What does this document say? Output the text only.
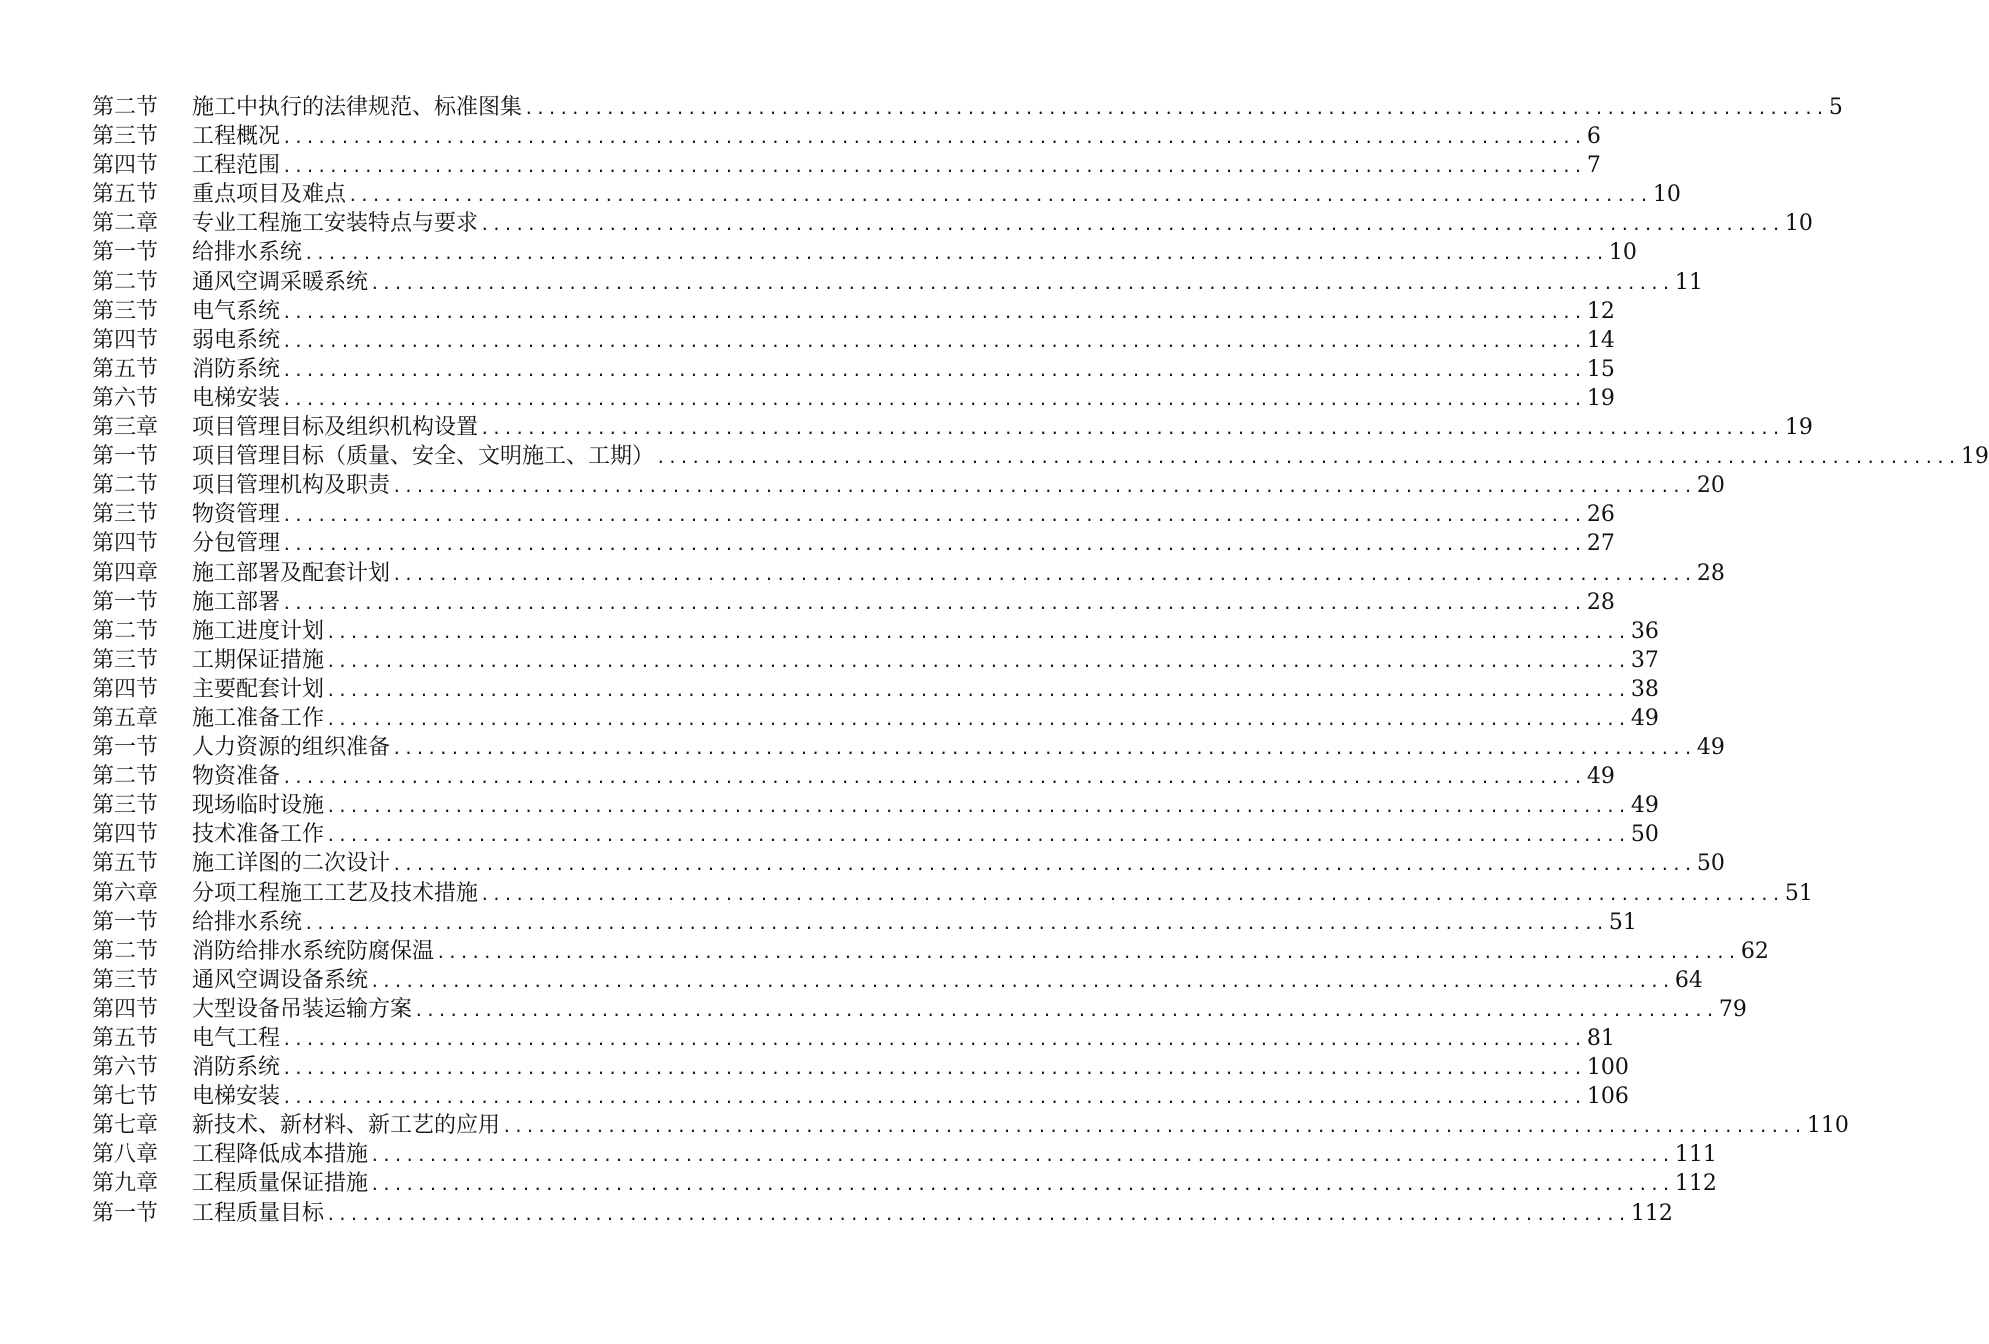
第二节	施工中执行的法律规范、标准图集 ................................................................................................................ 5
第三节	工程概况 ................................................................................................................ 6
第四节	工程范围 ................................................................................................................ 7
第五节	重点项目及难点 ................................................................................................................ 10
第二章	专业工程施工安装特点与要求 ................................................................................................................ 10
第一节	给排水系统 ................................................................................................................ 10
第二节	通风空调采暖系统 ................................................................................................................ 11
第三节	电气系统 ................................................................................................................ 12
第四节	弱电系统 ................................................................................................................ 14
第五节	消防系统 ................................................................................................................ 15
第六节	电梯安装 ................................................................................................................ 19
第三章	项目管理目标及组织机构设置 ................................................................................................................ 19
第一节	项目管理目标（质量、安全、文明施工、工期） ................................................................................................................ 19
第二节	项目管理机构及职责 ................................................................................................................ 20
第三节	物资管理 ................................................................................................................ 26
第四节	分包管理 ................................................................................................................ 27
第四章	施工部署及配套计划 ................................................................................................................ 28
第一节	施工部署 ................................................................................................................ 28
第二节	施工进度计划 ................................................................................................................ 36
第三节	工期保证措施 ................................................................................................................ 37
第四节	主要配套计划 ................................................................................................................ 38
第五章	施工准备工作 ................................................................................................................ 49
第一节	人力资源的组织准备 ................................................................................................................ 49
第二节	物资准备 ................................................................................................................ 49
第三节	现场临时设施 ................................................................................................................ 49
第四节	技术准备工作 ................................................................................................................ 50
第五节	施工详图的二次设计 ................................................................................................................ 50
第六章	分项工程施工工艺及技术措施 ................................................................................................................ 51
第一节	给排水系统 ................................................................................................................ 51
第二节	消防给排水系统防腐保温 ................................................................................................................ 62
第三节	通风空调设备系统 ................................................................................................................ 64
第四节	大型设备吊装运输方案 ................................................................................................................ 79
第五节	电气工程 ................................................................................................................ 81
第六节	消防系统 ................................................................................................................ 100
第七节	电梯安装 ................................................................................................................ 106
第七章	新技术、新材料、新工艺的应用 ................................................................................................................ 110
第八章	工程降低成本措施 ................................................................................................................ 111
第九章	工程质量保证措施 ................................................................................................................ 112
第一节	工程质量目标 ................................................................................................................ 112
